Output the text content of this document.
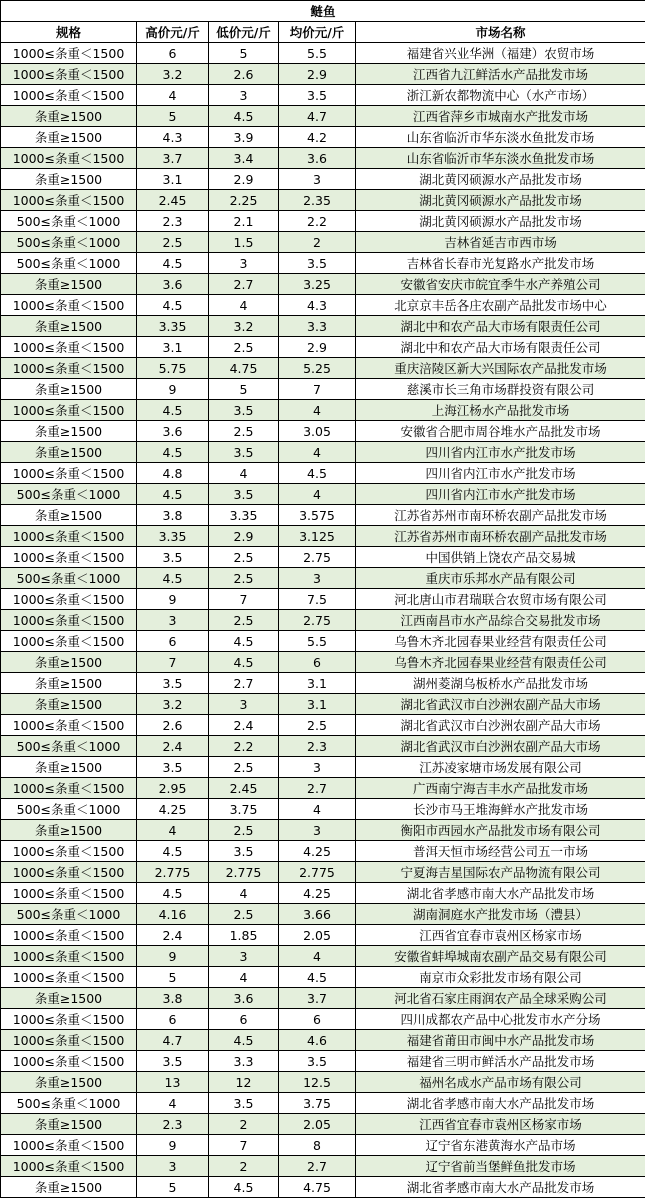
鲢鱼				
规格	高价元/斤	低价元/斤	均价元/斤	市场名称
1000≤条重＜1500	6	5	5.5	福建省兴业华洲（福建）农贸市场
1000≤条重＜1500	3.2	2.6	2.9	江西省九江鲜活水产品批发市场
1000≤条重＜1500	4	3	3.5	浙江新农都物流中心（水产市场）
条重≥1500	5	4.5	4.7	江西省萍乡市城南水产批发市场
条重≥1500	4.3	3.9	4.2	山东省临沂市华东淡水鱼批发市场
1000≤条重＜1500	3.7	3.4	3.6	山东省临沂市华东淡水鱼批发市场
条重≥1500	3.1	2.9	3	湖北黄冈硕源水产品批发市场
1000≤条重＜1500	2.45	2.25	2.35	湖北黄冈硕源水产品批发市场
500≤条重＜1000	2.3	2.1	2.2	湖北黄冈硕源水产品批发市场
500≤条重＜1000	2.5	1.5	2	吉林省延吉市西市场
500≤条重＜1000	4.5	3	3.5	吉林省长春市光复路水产批发市场
条重≥1500	3.6	2.7	3.25	安徽省安庆市皖宜季牛水产养殖公司
1000≤条重＜1500	4.5	4	4.3	北京京丰岳各庄农副产品批发市场中心
条重≥1500	3.35	3.2	3.3	湖北中和农产品大市场有限责任公司
1000≤条重＜1500	3.1	2.5	2.9	湖北中和农产品大市场有限责任公司
1000≤条重＜1500	5.75	4.75	5.25	重庆涪陵区新大兴国际农产品批发市场
条重≥1500	9	5	7	慈溪市长三角市场群投资有限公司
1000≤条重＜1500	4.5	3.5	4	上海江杨水产品批发市场
条重≥1500	3.6	2.5	3.05	安徽省合肥市周谷堆水产品批发市场
条重≥1500	4.5	3.5	4	四川省内江市水产批发市场
1000≤条重＜1500	4.8	4	4.5	四川省内江市水产批发市场
500≤条重＜1000	4.5	3.5	4	四川省内江市水产批发市场
条重≥1500	3.8	3.35	3.575	江苏省苏州市南环桥农副产品批发市场
1000≤条重＜1500	3.35	2.9	3.125	江苏省苏州市南环桥农副产品批发市场
1000≤条重＜1500	3.5	2.5	2.75	中国供销上饶农产品交易城
500≤条重＜1000	4.5	2.5	3	重庆市乐邦水产品有限公司
1000≤条重＜1500	9	7	7.5	河北唐山市君瑞联合农贸市场有限公司
1000≤条重＜1500	3	2.5	2.75	江西南昌市水产品综合交易批发市场
1000≤条重＜1500	6	4.5	5.5	乌鲁木齐北园春果业经营有限责任公司
条重≥1500	7	4.5	6	乌鲁木齐北园春果业经营有限责任公司
条重≥1500	3.5	2.7	3.1	湖州菱湖乌板桥水产品批发市场
条重≥1500	3.2	3	3.1	湖北省武汉市白沙洲农副产品大市场
1000≤条重＜1500	2.6	2.4	2.5	湖北省武汉市白沙洲农副产品大市场
500≤条重＜1000	2.4	2.2	2.3	湖北省武汉市白沙洲农副产品大市场
条重≥1500	3.5	2.5	3	江苏凌家塘市场发展有限公司
1000≤条重＜1500	2.95	2.45	2.7	广西南宁海吉丰水产品批发市场
500≤条重＜1000	4.25	3.75	4	长沙市马王堆海鲜水产批发市场
条重≥1500	4	2.5	3	衡阳市西园水产品批发市场有限公司
1000≤条重＜1500	4.5	3.5	4.25	普洱天恒市场经营公司五一市场
1000≤条重＜1500	2.775	2.775	2.775	宁夏海吉星国际农产品物流有限公司
1000≤条重＜1500	4.5	4	4.25	湖北省孝感市南大水产品批发市场
500≤条重＜1000	4.16	2.5	3.66	湖南洞庭水产批发市场（澧县）
1000≤条重＜1500	2.4	1.85	2.05	江西省宜春市袁州区杨家市场
1000≤条重＜1500	9	3	4	安徽省蚌埠城南农副产品交易有限公司
1000≤条重＜1500	5	4	4.5	南京市众彩批发市场有限公司
条重≥1500	3.8	3.6	3.7	河北省石家庄雨润农产品全球采购公司
1000≤条重＜1500	6	6	6	四川成都农产品中心批发市水产分场
1000≤条重＜1500	4.7	4.5	4.6	福建省莆田市闽中水产品批发市场
1000≤条重＜1500	3.5	3.3	3.5	福建省三明市鲜活水产品批发市场
条重≥1500	13	12	12.5	福州名成水产品市场有限公司
500≤条重＜1000	4	3.5	3.75	湖北省孝感市南大水产品批发市场
条重≥1500	2.3	2	2.05	江西省宜春市袁州区杨家市场
1000≤条重＜1500	9	7	8	辽宁省东港黄海水产品市场
1000≤条重＜1500	3	2	2.7	辽宁省前当堡鲜鱼批发市场
条重≥1500	5	4.5	4.75	湖北省孝感市南大水产品批发市场
